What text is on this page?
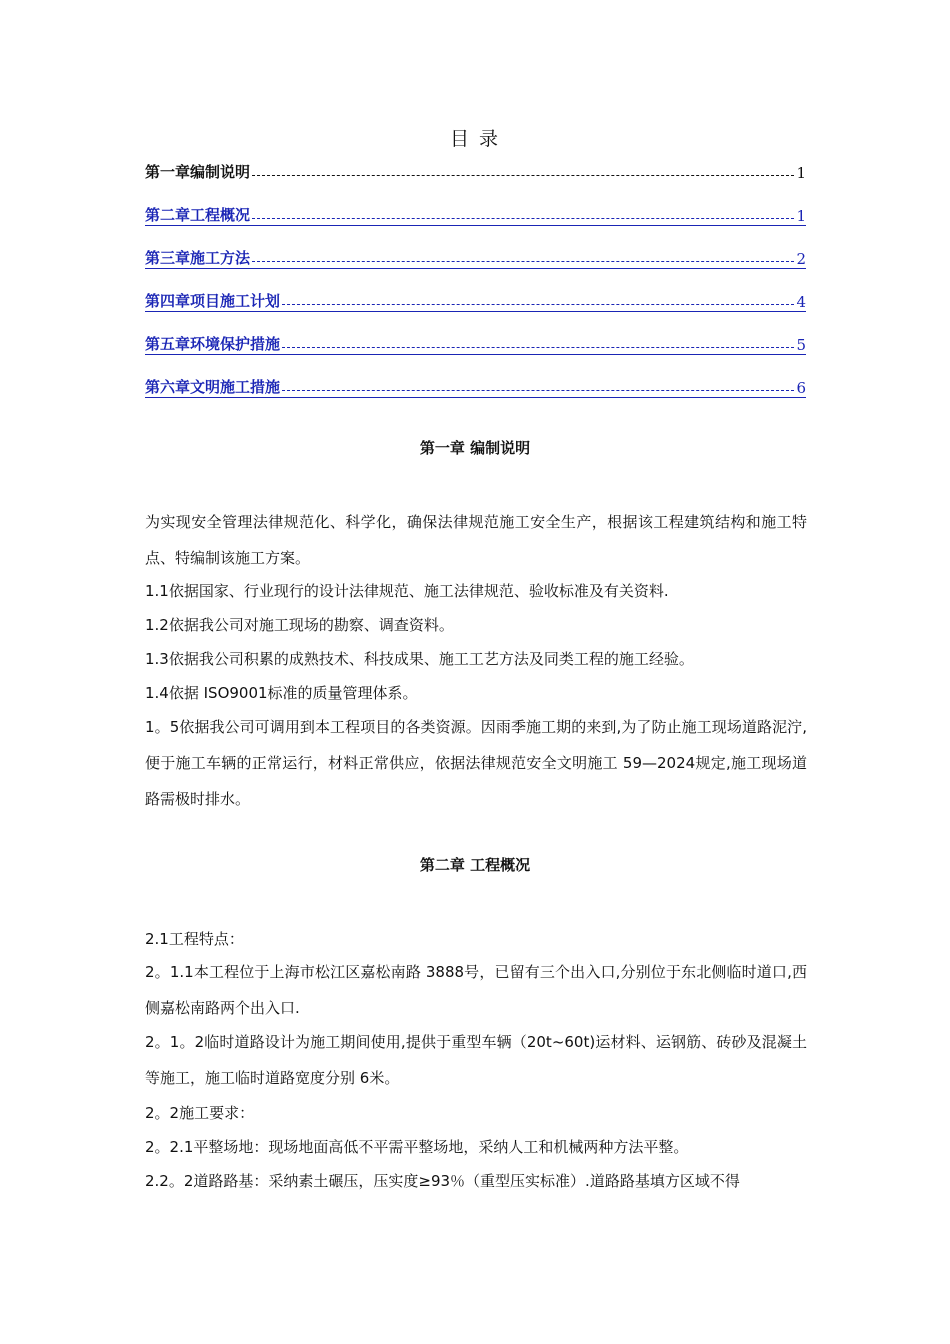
目 录
第一章编制说明	1
第二章工程概况	1
第三章施工方法	2
第四章项目施工计划	4
第五章环境保护措施	5
第六章文明施工措施	6
第一章 编制说明

为实现安全管理法律规范化、科学化，确保法律规范施工安全生产，根据该工程建筑结构和施工特点、特编制该施工方案。

1.1依据国家、行业现行的设计法律规范、施工法律规范、验收标准及有关资料.

1.2依据我公司对施工现场的勘察、调查资料。

1.3依据我公司积累的成熟技术、科技成果、施工工艺方法及同类工程的施工经验。

1.4依据 ISO9001标准的质量管理体系。

1。5依据我公司可调用到本工程项目的各类资源。因雨季施工期的来到,为了防止施工现场道路泥泞,便于施工车辆的正常运行，材料正常供应，依据法律规范安全文明施工 59—2024规定,施工现场道路需极时排水。

第二章 工程概况

2.1工程特点：

2。1.1本工程位于上海市松江区嘉松南路 3888号，已留有三个出入口,分别位于东北侧临时道口,西侧嘉松南路两个出入口.

2。1。2临时道路设计为施工期间使用,提供于重型车辆（20t~60t)运材料、运钢筋、砖砂及混凝土等施工，施工临时道路宽度分别 6米。

2。2施工要求：

2。2.1平整场地：现场地面高低不平需平整场地，采纳人工和机械两种方法平整。

2.2。2道路路基：采纳素土碾压，压实度≥93％（重型压实标准）.道路路基填方区域不得
